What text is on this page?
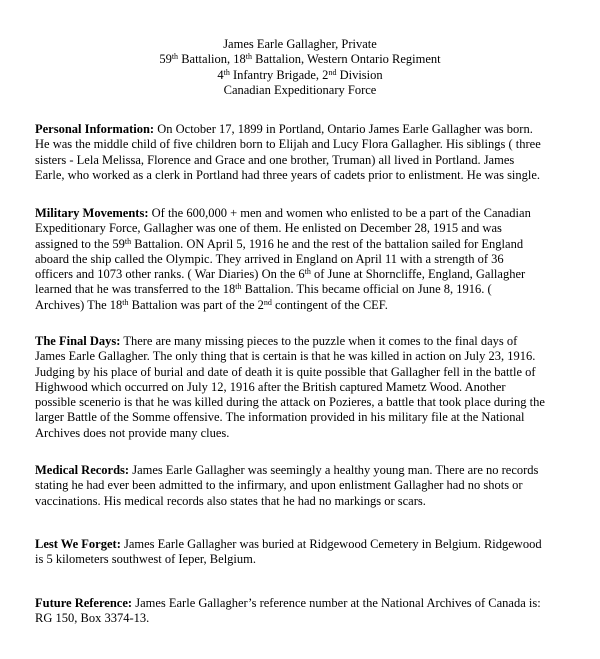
James Earle Gallagher, Private
59th Battalion, 18th Battalion, Western Ontario Regiment
4th Infantry Brigade, 2nd Division
Canadian Expeditionary Force
Personal Information: On October 17, 1899 in Portland, Ontario James Earle Gallagher was born.
He was the middle child of five children born to Elijah and Lucy Flora Gallagher. His siblings ( three
sisters - Lela Melissa, Florence and Grace and one brother, Truman) all lived in Portland. James
Earle, who worked as a clerk in Portland had three years of cadets prior to enlistment. He was single.
Military Movements: Of the 600,000 + men and women who enlisted to be a part of the Canadian
Expeditionary Force, Gallagher was one of them. He enlisted on December 28, 1915 and was
assigned to the 59th Battalion. ON April 5, 1916 he and the rest of the battalion sailed for England
aboard the ship called the Olympic. They arrived in England on April 11 with a strength of 36
officers and 1073 other ranks. ( War Diaries) On the 6th of June at Shorncliffe, England, Gallagher
learned that he was transferred to the 18th Battalion. This became official on June 8, 1916. (
Archives) The 18th Battalion was part of the 2nd contingent of the CEF.
The Final Days: There are many missing pieces to the puzzle when it comes to the final days of
James Earle Gallagher. The only thing that is certain is that he was killed in action on July 23, 1916.
Judging by his place of burial and date of death it is quite possible that Gallagher fell in the battle of
Highwood which occurred on July 12, 1916 after the British captured Mametz Wood. Another
possible scenerio is that he was killed during the attack on Pozieres, a battle that took place during the
larger Battle of the Somme offensive. The information provided in his military file at the National
Archives does not provide many clues.
Medical Records: James Earle Gallagher was seemingly a healthy young man. There are no records
stating he had ever been admitted to the infirmary, and upon enlistment Gallagher had no shots or
vaccinations. His medical records also states that he had no markings or scars.
Lest We Forget: James Earle Gallagher was buried at Ridgewood Cemetery in Belgium. Ridgewood
is 5 kilometers southwest of Ieper, Belgium.
Future Reference: James Earle Gallagher’s reference number at the National Archives of Canada is:
RG 150, Box 3374-13.
